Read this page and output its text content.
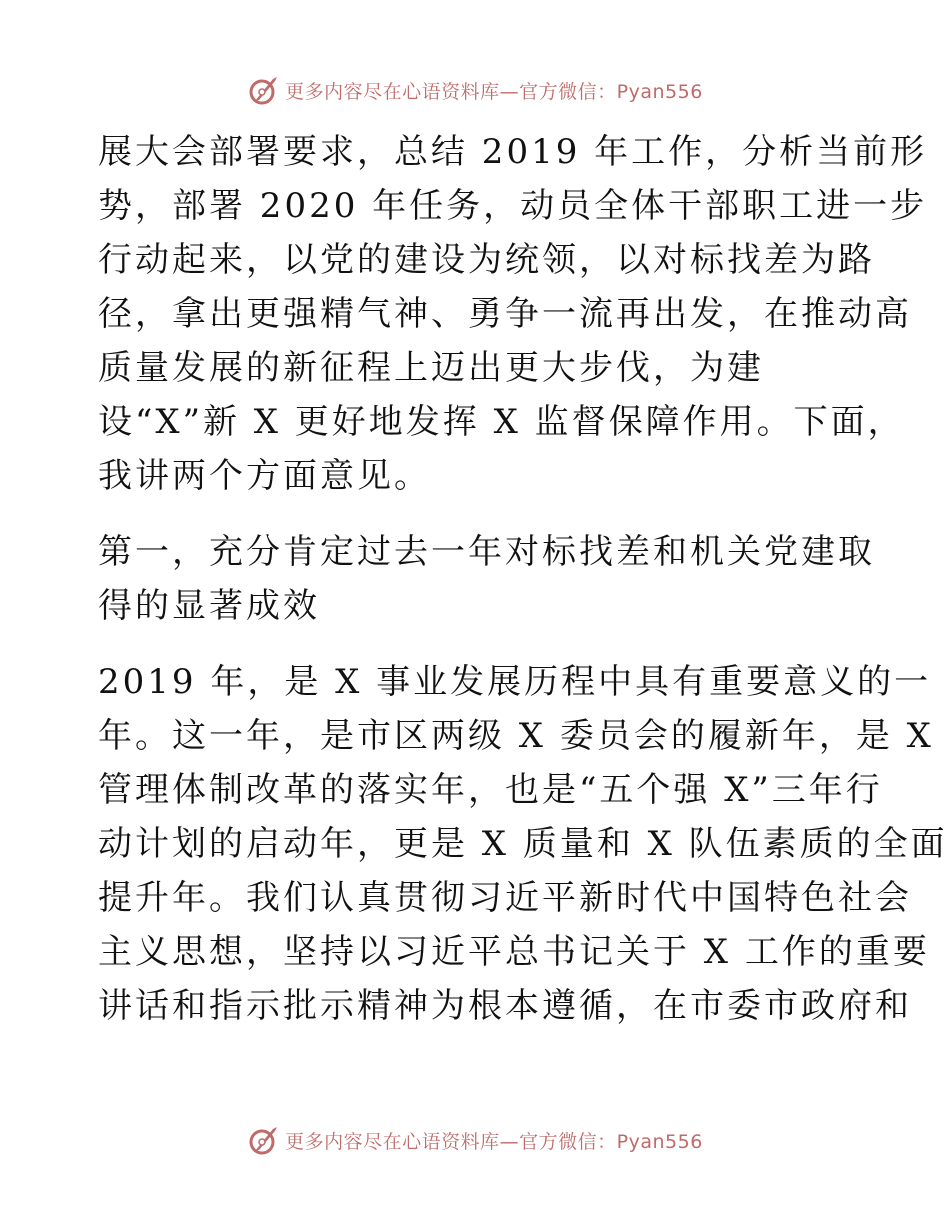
更多内容尽在心语资料库—官方微信：Pyan556
展大会部署要求，总结 2019 年工作，分析当前形
势，部署 2020 年任务，动员全体干部职工进一步
行动起来，以党的建设为统领，以对标找差为路
径，拿出更强精气神、勇争一流再出发，在推动高
质量发展的新征程上迈出更大步伐，为建
设“X”新 X 更好地发挥 X 监督保障作用。下面，
我讲两个方面意见。
第一，充分肯定过去一年对标找差和机关党建取
得的显著成效
2019 年，是 X 事业发展历程中具有重要意义的一
年。这一年，是市区两级 X 委员会的履新年，是 X
管理体制改革的落实年，也是“五个强 X”三年行
动计划的启动年，更是 X 质量和 X 队伍素质的全面
提升年。我们认真贯彻习近平新时代中国特色社会
主义思想，坚持以习近平总书记关于 X 工作的重要
讲话和指示批示精神为根本遵循，在市委市政府和
更多内容尽在心语资料库—官方微信：Pyan556
